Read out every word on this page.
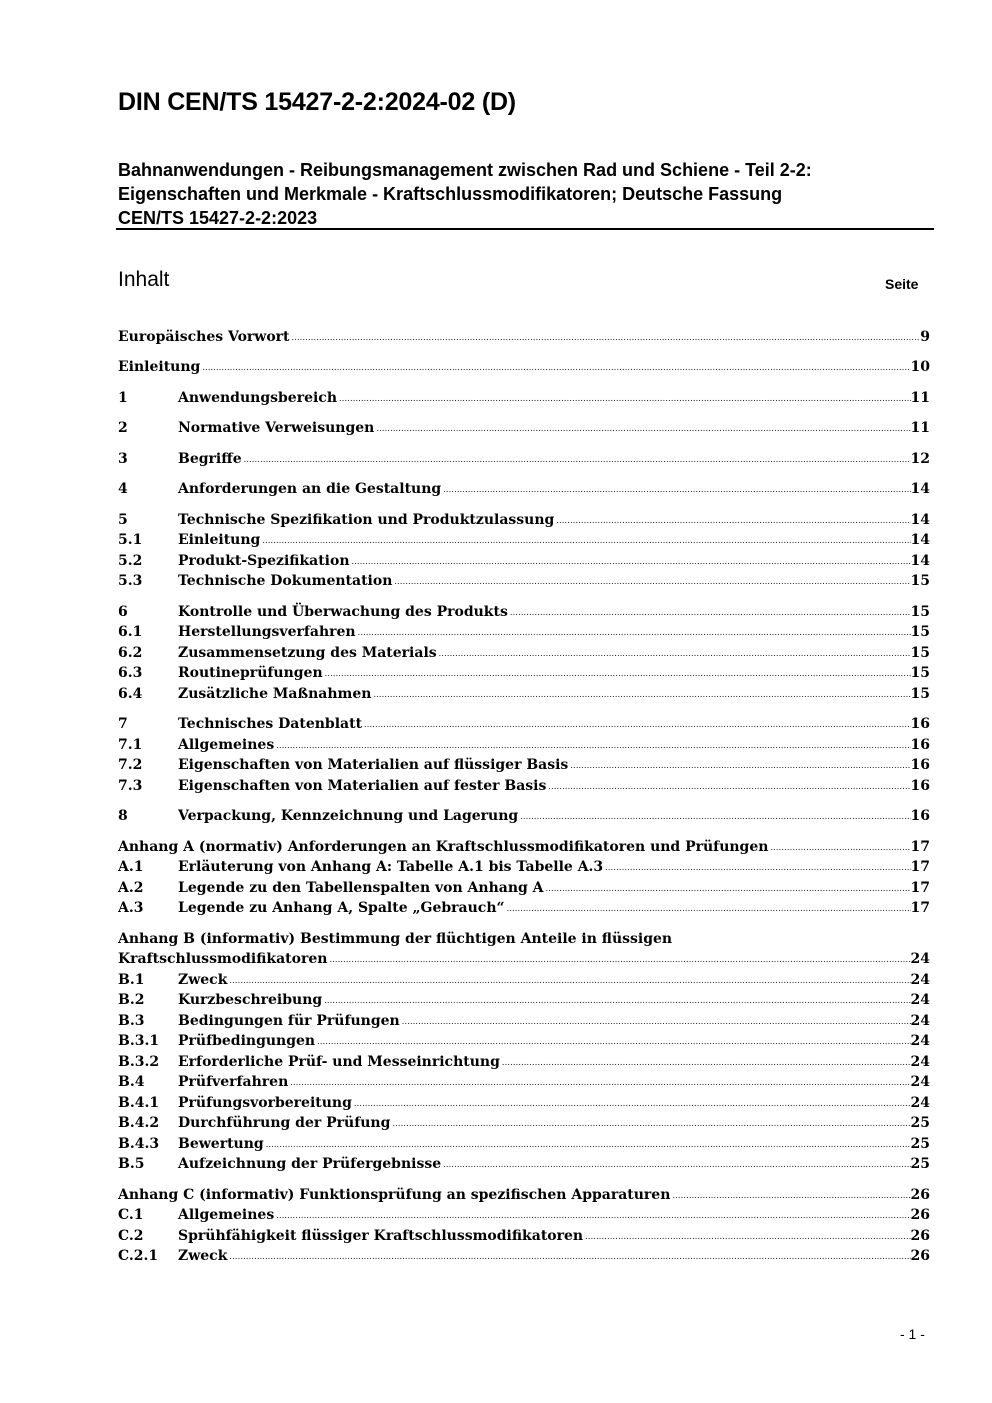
DIN CEN/TS 15427-2-2:2024-02 (D)
Bahnanwendungen - Reibungsmanagement zwischen Rad und Schiene - Teil 2-2:
Eigenschaften und Merkmale - Kraftschlussmodifikatoren; Deutsche Fassung
CEN/TS 15427-2-2:2023
Inhalt	Seite
Europäisches Vorwort .....	9
Einleitung .....	10
1	Anwendungsbereich .....	11
2	Normative Verweisungen .....	11
3	Begriffe .....	12
4	Anforderungen an die Gestaltung .....	14
5	Technische Spezifikation und Produktzulassung .....	14
5.1	Einleitung .....	14
5.2	Produkt-Spezifikation .....	14
5.3	Technische Dokumentation .....	15
6	Kontrolle und Überwachung des Produkts .....	15
6.1	Herstellungsverfahren .....	15
6.2	Zusammensetzung des Materials .....	15
6.3	Routineprüfungen .....	15
6.4	Zusätzliche Maßnahmen .....	15
7	Technisches Datenblatt .....	16
7.1	Allgemeines .....	16
7.2	Eigenschaften von Materialien auf flüssiger Basis .....	16
7.3	Eigenschaften von Materialien auf fester Basis .....	16
8	Verpackung, Kennzeichnung und Lagerung .....	16
Anhang A (normativ) Anforderungen an Kraftschlussmodifikatoren und Prüfungen .....	17
A.1	Erläuterung von Anhang A: Tabelle A.1 bis Tabelle A.3 .....	17
A.2	Legende zu den Tabellenspalten von Anhang A .....	17
A.3	Legende zu Anhang A, Spalte „Gebrauch“ .....	17
Anhang B (informativ) Bestimmung der flüchtigen Anteile in flüssigen
Kraftschlussmodifikatoren .....	24
B.1	Zweck .....	24
B.2	Kurzbeschreibung .....	24
B.3	Bedingungen für Prüfungen .....	24
B.3.1	Prüfbedingungen .....	24
B.3.2	Erforderliche Prüf- und Messeinrichtung .....	24
B.4	Prüfverfahren .....	24
B.4.1	Prüfungsvorbereitung .....	24
B.4.2	Durchführung der Prüfung .....	25
B.4.3	Bewertung .....	25
B.5	Aufzeichnung der Prüfergebnisse .....	25
Anhang C (informativ) Funktionsprüfung an spezifischen Apparaturen .....	26
C.1	Allgemeines .....	26
C.2	Sprühfähigkeit flüssiger Kraftschlussmodifikatoren .....	26
C.2.1	Zweck .....	26
- 1 -
